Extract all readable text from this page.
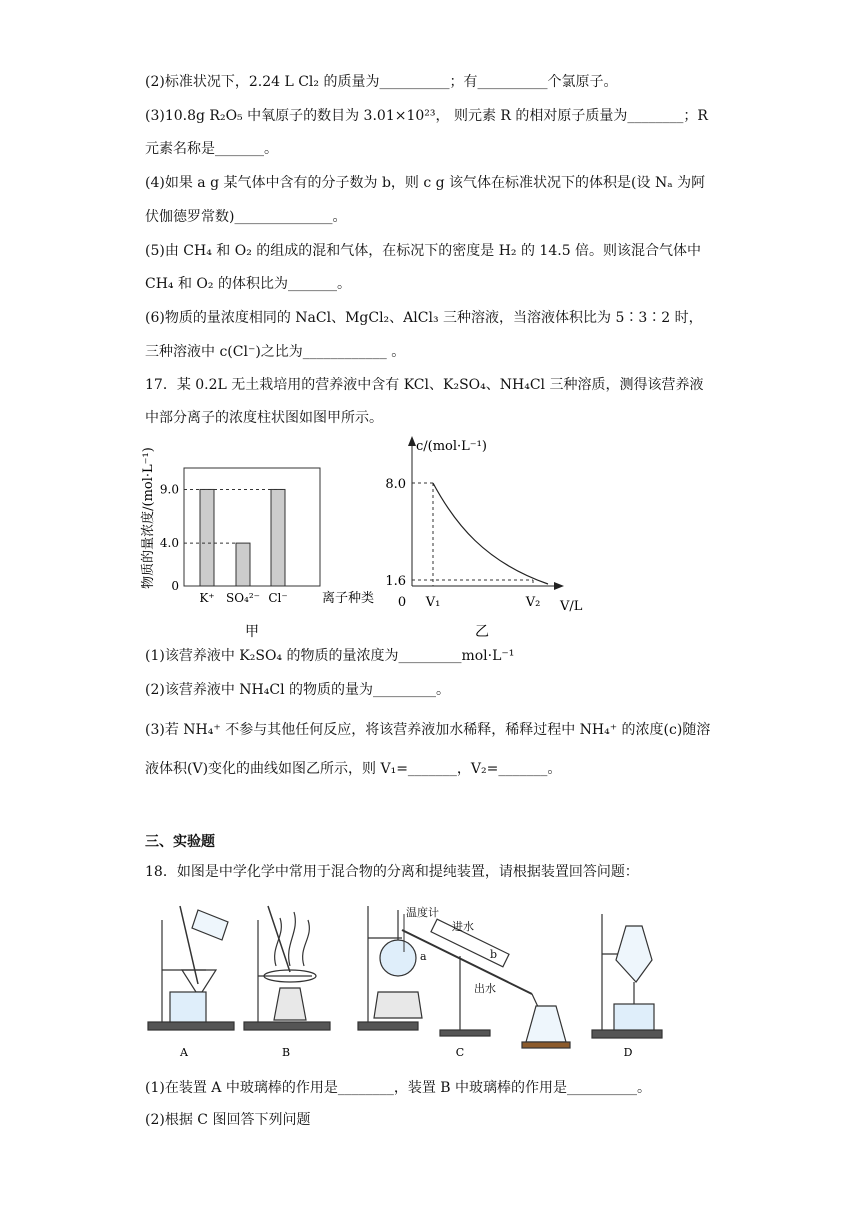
(2)标准状况下，2.24 L Cl₂ 的质量为__________；有__________个氯原子。
(3)10.8g R₂O₅ 中氧原子的数目为 3.01×10²³， 则元素 R 的相对原子质量为________；R
元素名称是_______。
(4)如果 a g 某气体中含有的分子数为 b，则 c g 该气体在标准状况下的体积是(设 Nₐ 为阿
伏伽德罗常数)______________。
(5)由 CH₄ 和 O₂ 的组成的混和气体，在标况下的密度是 H₂ 的 14.5 倍。则该混合气体中
CH₄ 和 O₂ 的体积比为_______。
(6)物质的量浓度相同的 NaCl、MgCl₂、AlCl₃ 三种溶液，当溶液体积比为 5∶3∶2 时，
三种溶液中 c(Cl⁻)之比为____________ 。
17．某 0.2L 无土栽培用的营养液中含有 KCl、K₂SO₄、NH₄Cl 三种溶质，测得该营养液
中部分离子的浓度柱状图如图甲所示。
物质的量浓度/(mol·L⁻¹)
K⁺ SO₄²⁻ Cl⁻
0
4.0
9.0
离子种类
甲
c/(mol·L⁻¹)
V/L
0
8.0
1.6
V₁	V₂
乙
(1)该营养液中 K₂SO₄ 的物质的量浓度为_________mol·L⁻¹
(2)该营养液中 NH₄Cl 的物质的量为_________。
(3)若 NH₄⁺ 不参与其他任何反应，将该营养液加水稀释，稀释过程中 NH₄⁺ 的浓度(c)随溶
液体积(V)变化的曲线如图乙所示，则 V₁=_______，V₂=_______。
三、实验题
18．如图是中学化学中常用于混合物的分离和提纯装置，请根据装置回答问题：
温度计
进水
b
出水
a
A	B	C	D
(1)在装置 A 中玻璃棒的作用是________，装置 B 中玻璃棒的作用是__________。
(2)根据 C 图回答下列问题
